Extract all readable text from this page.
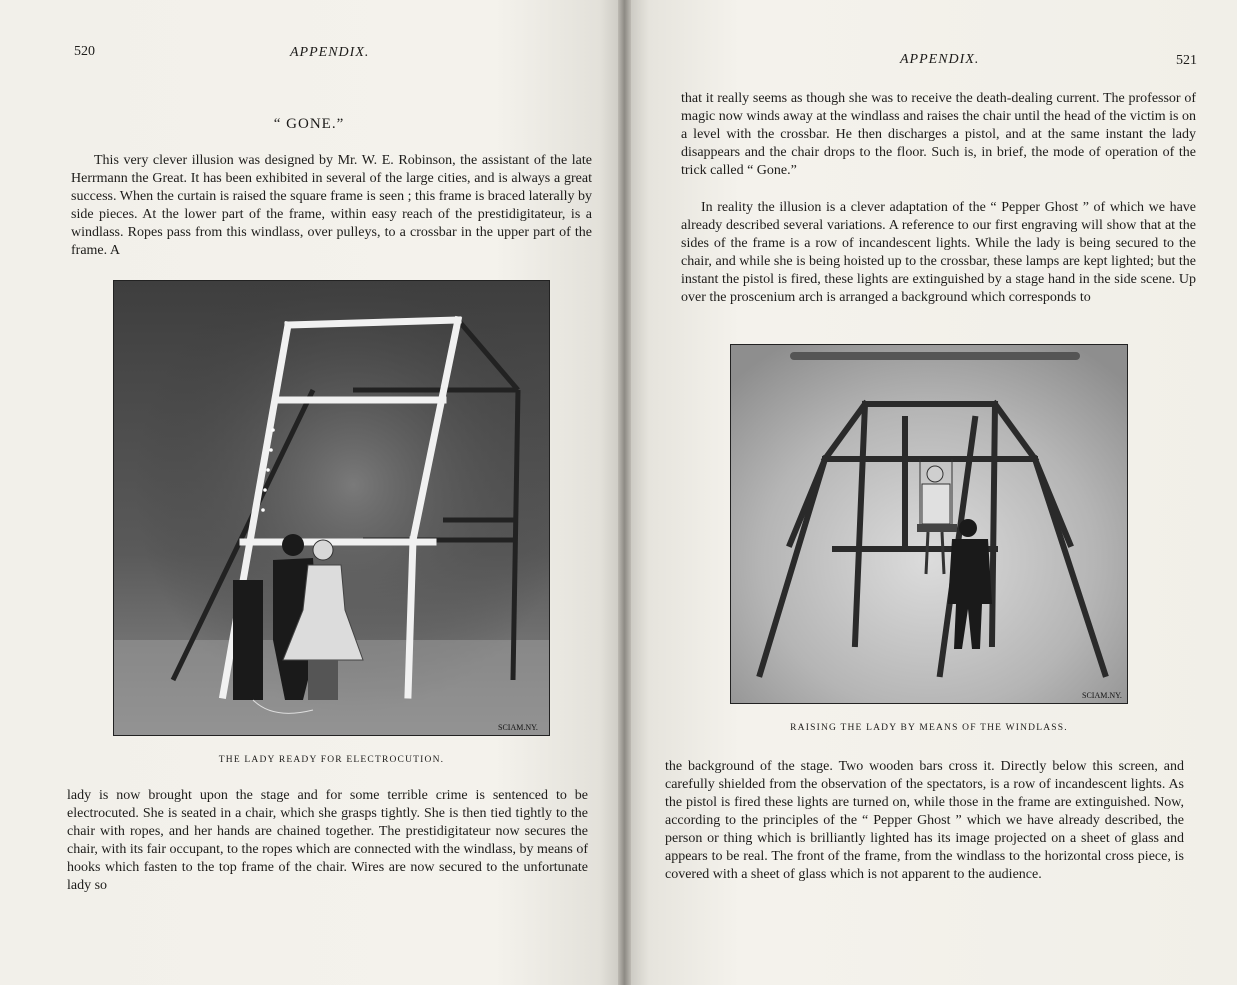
520	APPENDIX.
“ GONE.”

This very clever illusion was designed by Mr. W. E. Robinson, the assistant of the late Herrmann the Great. It has been exhibited in several of the large cities, and is always a great success. When the curtain is raised the square frame is seen ; this frame is braced laterally by side pieces. At the lower part of the frame, within easy reach of the prestidigitateur, is a windlass. Ropes pass from this windlass, over pulleys, to a crossbar in the upper part of the frame. A

SCIAM.NY.
THE LADY READY FOR ELECTROCUTION.

lady is now brought upon the stage and for some terrible crime is sentenced to be electrocuted. She is seated in a chair, which she grasps tightly. She is then tied tightly to the chair with ropes, and her hands are chained together. The prestidigitateur now secures the chair, with its fair occupant, to the ropes which are connected with the windlass, by means of hooks which fasten to the top frame of the chair. Wires are now secured to the unfortunate lady so

APPENDIX.	521

that it really seems as though she was to receive the death-dealing current. The professor of magic now winds away at the windlass and raises the chair until the head of the victim is on a level with the crossbar. He then discharges a pistol, and at the same instant the lady disappears and the chair drops to the floor. Such is, in brief, the mode of operation of the trick called “ Gone.”

In reality the illusion is a clever adaptation of the “ Pepper Ghost ” of which we have already described several variations. A reference to our first engraving will show that at the sides of the frame is a row of incandescent lights. While the lady is being secured to the chair, and while she is being hoisted up to the crossbar, these lamps are kept lighted; but the instant the pistol is fired, these lights are extinguished by a stage hand in the side scene. Up over the proscenium arch is arranged a background which corresponds to

SCIAM.NY.
RAISING THE LADY BY MEANS OF THE WINDLASS.

the background of the stage. Two wooden bars cross it. Directly below this screen, and carefully shielded from the observation of the spectators, is a row of incandescent lights. As the pistol is fired these lights are turned on, while those in the frame are extinguished. Now, according to the principles of the “ Pepper Ghost ” which we have already described, the person or thing which is brilliantly lighted has its image projected on a sheet of glass and appears to be real. The front of the frame, from the windlass to the horizontal cross piece, is covered with a sheet of glass which is not apparent to the audience.
